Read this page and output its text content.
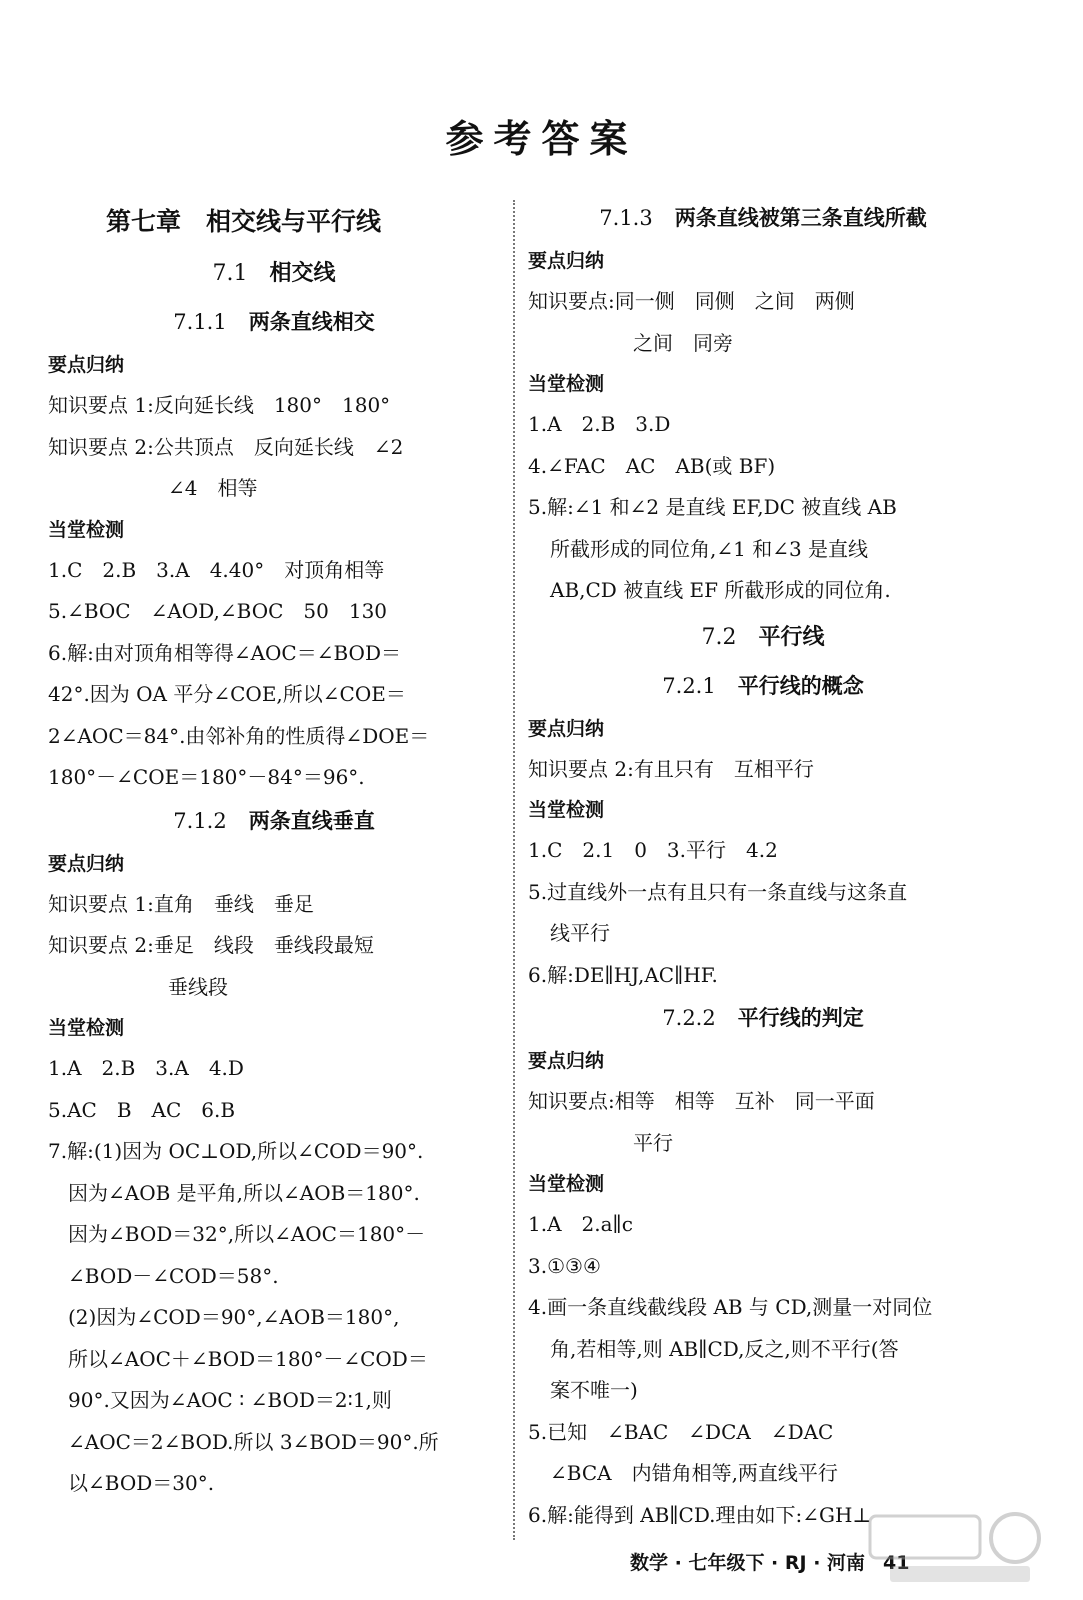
参考答案
第七章　相交线与平行线
7.1 相交线
7.1.1 两条直线相交
要点归纳
知识要点 1:反向延长线　180°　180°
知识要点 2:公共顶点　反向延长线　∠2
∠4　相等
当堂检测
1.C　2.B　3.A　4.40°　对顶角相等
5.∠BOC　∠AOD,∠BOC　50　130
6.解:由对顶角相等得∠AOC＝∠BOD＝
42°.因为 OA 平分∠COE,所以∠COE＝
2∠AOC＝84°.由邻补角的性质得∠DOE＝
180°－∠COE＝180°－84°＝96°.
7.1.2 两条直线垂直
要点归纳
知识要点 1:直角　垂线　垂足
知识要点 2:垂足　线段　垂线段最短
垂线段
当堂检测
1.A　2.B　3.A　4.D
5.AC　B　AC　6.B
7.解:(1)因为 OC⊥OD,所以∠COD＝90°.
因为∠AOB 是平角,所以∠AOB＝180°.
因为∠BOD＝32°,所以∠AOC＝180°－
∠BOD－∠COD＝58°.
(2)因为∠COD＝90°,∠AOB＝180°,
所以∠AOC＋∠BOD＝180°－∠COD＝
90°.又因为∠AOC ∶ ∠BOD＝2∶1,则
∠AOC＝2∠BOD.所以 3∠BOD＝90°.所
以∠BOD＝30°.
7.1.3 两条直线被第三条直线所截
要点归纳
知识要点:同一侧　同侧　之间　两侧
之间　同旁
当堂检测
1.A　2.B　3.D
4.∠FAC　AC　AB(或 BF)
5.解:∠1 和∠2 是直线 EF,DC 被直线 AB
所截形成的同位角,∠1 和∠3 是直线
AB,CD 被直线 EF 所截形成的同位角.
7.2 平行线
7.2.1 平行线的概念
要点归纳
知识要点 2:有且只有　互相平行
当堂检测
1.C　2.1　0　3.平行　4.2
5.过直线外一点有且只有一条直线与这条直
线平行
6.解:DE∥HJ,AC∥HF.
7.2.2 平行线的判定
要点归纳
知识要点:相等　相等　互补　同一平面
平行
当堂检测
1.A　2.a∥c
3.①③④
4.画一条直线截线段 AB 与 CD,测量一对同位
角,若相等,则 AB∥CD,反之,则不平行(答
案不唯一)
5.已知　∠BAC　∠DCA　∠DAC
∠BCA　内错角相等,两直线平行
6.解:能得到 AB∥CD.理由如下:∠GH⊥
数学 · 七年级下 · RJ · 河南 41
